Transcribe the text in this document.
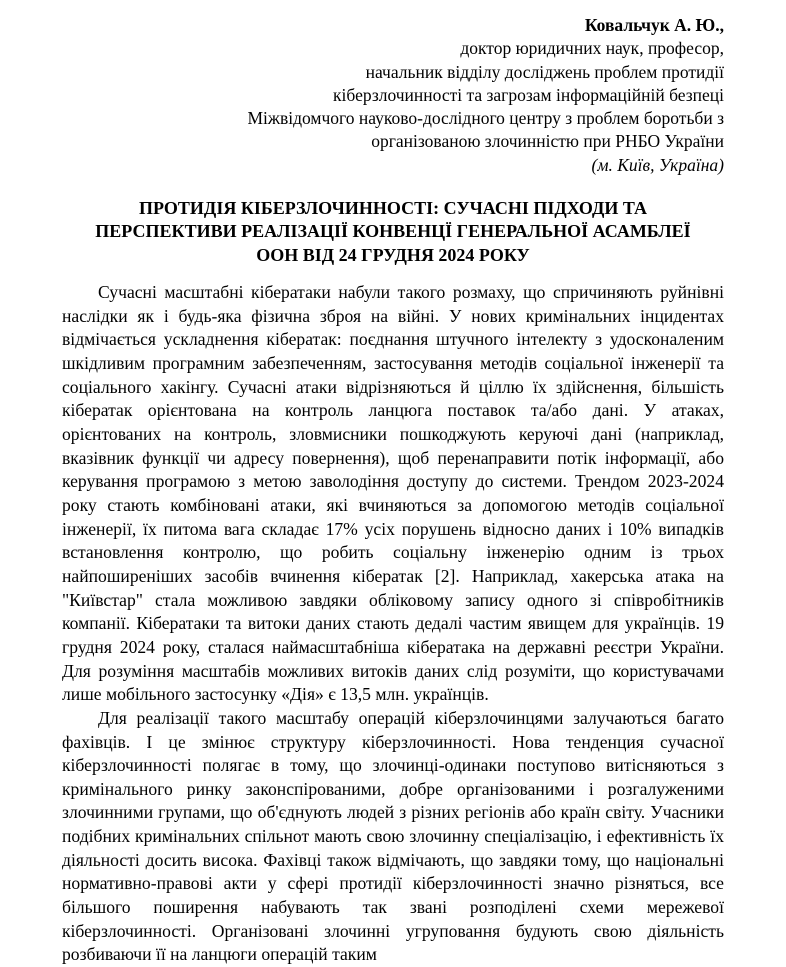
Ковальчук А. Ю.,
доктор юридичних наук, професор,
начальник відділу досліджень проблем протидії
кіберзлочинності та загрозам інформаційній безпеці
Міжвідомчого науково-дослідного центру з проблем боротьби з
організованою злочинністю при РНБО України
(м. Київ, Україна)
ПРОТИДІЯ КІБЕРЗЛОЧИННОСТІ: СУЧАСНІ ПІДХОДИ ТА
ПЕРСПЕКТИВИ РЕАЛІЗАЦІЇ КОНВЕНЦЇ ГЕНЕРАЛЬНОЇ АСАМБЛЕЇ
ООН ВІД 24 ГРУДНЯ 2024 РОКУ

Сучасні масштабні кібератаки набули такого розмаху, що спричиняють руйнівні наслідки як і будь-яка фізична зброя на війні. У нових кримінальних інцидентах відмічається ускладнення кібератак: поєднання штучного інтелекту з удосконаленим шкідливим програмним забезпеченням, застосування методів соціальної інженерії та соціального хакінгу. Сучасні атаки відрізняються й ціллю їх здійснення, більшість кібератак орієнтована на контроль ланцюга поставок та/або дані. У атаках, орієнтованих на контроль, зловмисники пошкоджують керуючі дані (наприклад, вказівник функції чи адресу повернення), щоб перенаправити потік інформації, або керування програмою з метою заволодіння доступу до системи. Трендом 2023-2024 року стають комбіновані атаки, які вчиняються за допомогою методів соціальної інженерії, їх питома вага складає 17% усіх порушень відносно даних і 10% випадків встановлення контролю, що робить соціальну інженерію одним із трьох найпоширеніших засобів вчинення кібератак [2]. Наприклад, хакерська атака на "Київстар" стала можливою завдяки обліковому запису одного зі співробітників компанії. Кібератаки та витоки даних стають дедалі частим явищем для українців. 19 грудня 2024 року, сталася наймасштабніша кібератака на державні реєстри України. Для розуміння масштабів можливих витоків даних слід розуміти, що користувачами лише мобільного застосунку «Дія» є 13,5 млн. українців.

Для реалізації такого масштабу операцій кіберзлочинцями залучаються багато фахівців. І це змінює структуру кіберзлочинності. Нова тенденция сучасної кіберзлочинності полягає в тому, що злочинці-одинаки поступово витісняються з кримінального ринку законспірованими, добре організованими і розгалуженими злочинними групами, що об'єднують людей з різних регіонів або країн світу. Учасники подібних кримінальних спільнот мають свою злочинну спеціалізацію, і ефективність їх діяльності досить висока. Фахівці також відмічають, що завдяки тому, що національні нормативно-правові акти у сфері протидії кіберзлочинності значно різняться, все більшого поширення набувають так звані розподілені схеми мережевої кіберзлочинності. Організовані злочинні угруповання будують свою діяльність розбиваючи її на ланцюги операцій таким
